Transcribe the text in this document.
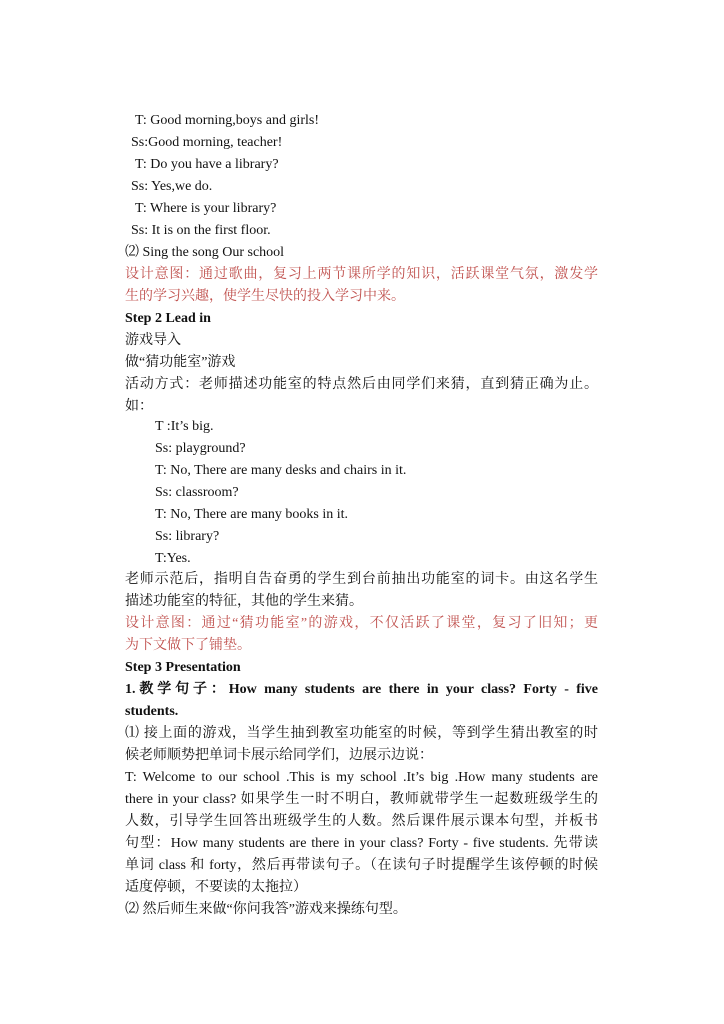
T: Good morning,boys and girls!
Ss:Good morning, teacher!
T: Do you have a library?
Ss: Yes,we do.
T: Where is your library?
Ss: It is on the first floor.
⑵ Sing the song Our school
设计意图：通过歌曲，复习上两节课所学的知识，活跃课堂气氛，激发学
生的学习兴趣，使学生尽快的投入学习中来。
Step 2 Lead in
游戏导入
做“猜功能室”游戏
活动方式：老师描述功能室的特点然后由同学们来猜，直到猜正确为止。
如：
T :It’s big.
Ss: playground?
T: No, There are many desks and chairs in it.
Ss: classroom?
T: No, There are many books in it.
Ss: library?
T:Yes.
老师示范后，指明自告奋勇的学生到台前抽出功能室的词卡。由这名学生
描述功能室的特征，其他的学生来猜。
设计意图：通过“猜功能室”的游戏，不仅活跃了课堂，复习了旧知；更
为下文做下了铺垫。
Step 3 Presentation
1.教学句子：How many students are there in your class? Forty - five
students.
⑴ 接上面的游戏，当学生抽到教室功能室的时候，等到学生猜出教室的时
候老师顺势把单词卡展示给同学们，边展示边说：
T: Welcome to our school .This is my school .It’s big .How many students are
there in your class? 如果学生一时不明白，教师就带学生一起数班级学生的
人数，引导学生回答出班级学生的人数。然后课件展示课本句型，并板书
句型：How many students are there in your class? Forty - five students. 先带读
单词 class 和 forty，然后再带读句子。（在读句子时提醒学生该停顿的时候
适度停顿，不要读的太拖拉）
⑵ 然后师生来做“你问我答”游戏来操练句型。
